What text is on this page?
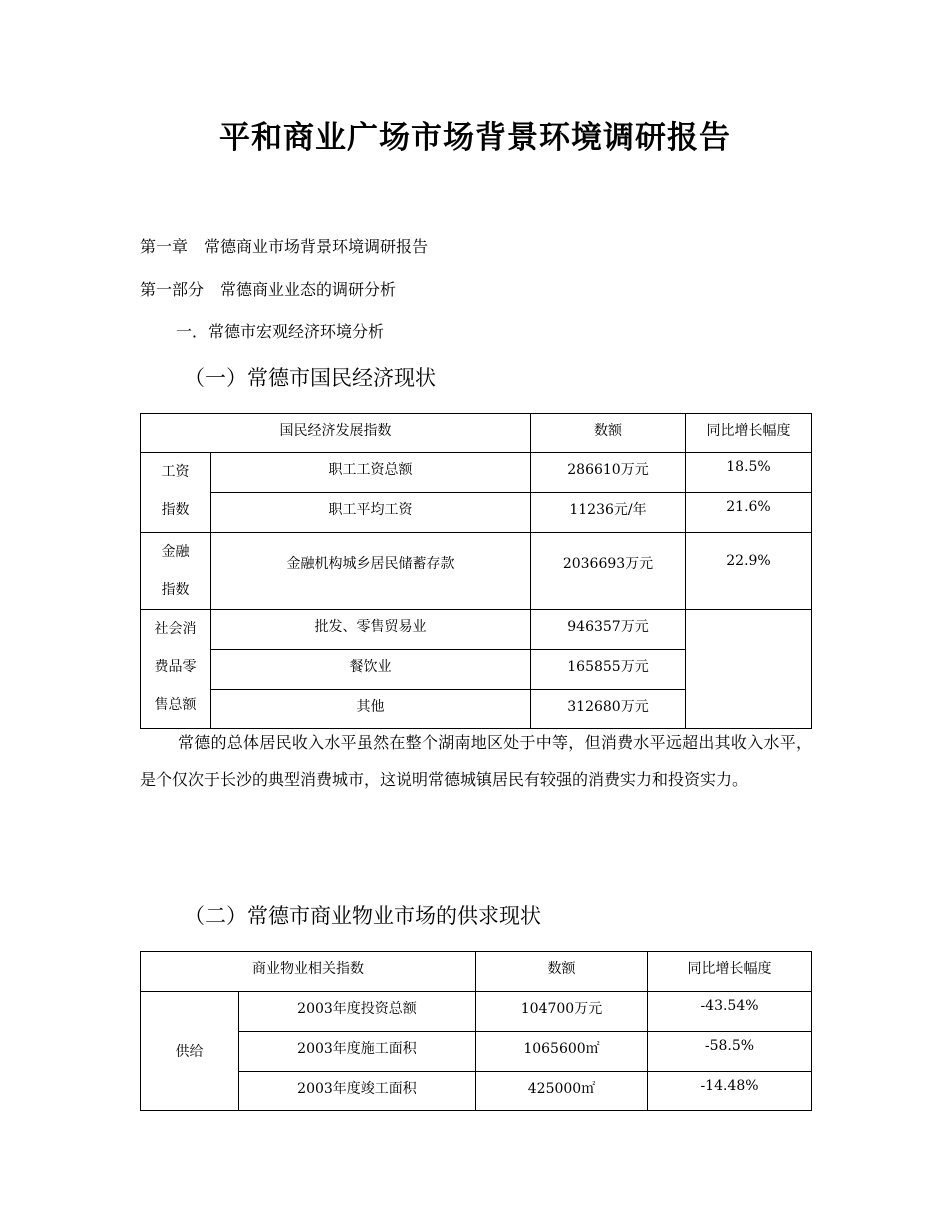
平和商业广场市场背景环境调研报告
第一章　常德商业市场背景环境调研报告
第一部分　常德商业业态的调研分析
一．常德市宏观经济环境分析
（一）常德市国民经济现状
国民经济发展指数		数额	同比增长幅度

工资
指数	职工工资总额	286610万元	18.5%
	职工平均工资	11236元/年	21.6%

金融
指数	金融机构城乡居民储蓄存款	2036693万元	22.9%

社会消
费品零
售总额	批发、零售贸易业	946357万元	
	餐饮业	165855万元	
	其他	312680万元	
常德的总体居民收入水平虽然在整个湖南地区处于中等，但消费水平远超出其收入水平，是个仅次于长沙的典型消费城市，这说明常德城镇居民有较强的消费实力和投资实力。
（二）常德市商业物业市场的供求现状
商业物业相关指数		数额	同比增长幅度
供给	2003年度投资总额	104700万元	-43.54%
	2003年度施工面积	1065600㎡	-58.5%
	2003年度竣工面积	425000㎡	-14.48%
